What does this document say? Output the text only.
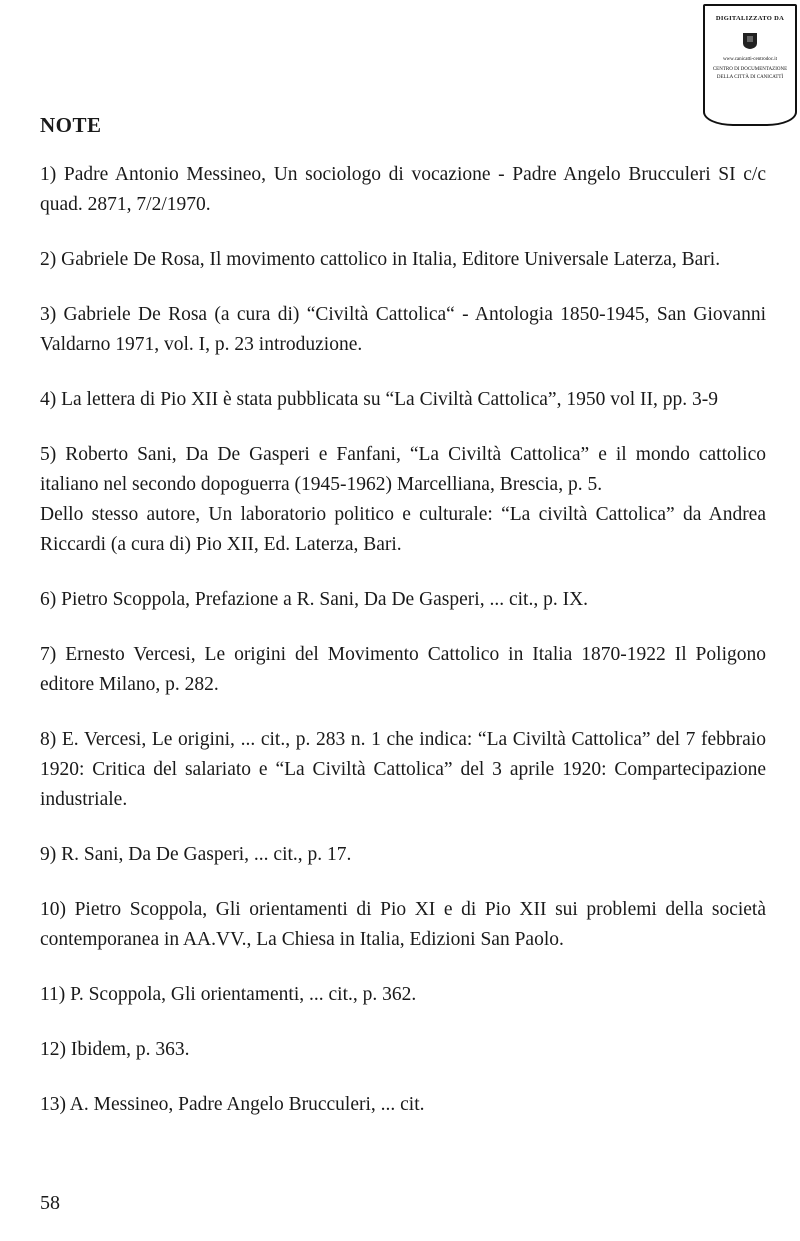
DIGITALIZZATO DA
www.canicatti-centrodoc.it
CENTRO DI DOCUMENTAZIONE
DELLA CITTÀ DI CANICATTÌ
NOTE

1) Padre Antonio Messineo, Un sociologo di vocazione - Padre Angelo Brucculeri SI c/c quad. 2871, 7/2/1970.

2) Gabriele De Rosa, Il movimento cattolico in Italia, Editore Universale Laterza, Bari.

3) Gabriele De Rosa (a cura di) “Civiltà Cattolica“ - Antologia 1850-1945, San Giovanni Valdarno 1971, vol. I, p. 23 introduzione.

4) La lettera di Pio XII è stata pubblicata su “La Civiltà Cattolica”, 1950 vol II, pp. 3-9

5) Roberto Sani, Da De Gasperi e Fanfani, “La Civiltà Cattolica” e il mondo cattolico italiano nel secondo dopoguerra (1945-1962) Marcelliana, Brescia, p. 5.

Dello stesso autore, Un laboratorio politico e culturale: “La civiltà Cattolica” da Andrea Riccardi (a cura di) Pio XII, Ed. Laterza, Bari.

6) Pietro Scoppola, Prefazione a R. Sani, Da De Gasperi, ... cit., p. IX.

7) Ernesto Vercesi, Le origini del Movimento Cattolico in Italia 1870-1922 Il Poligono editore Milano, p. 282.

8) E. Vercesi, Le origini, ... cit., p. 283 n. 1 che indica: “La Civiltà Cattolica” del 7 febbraio 1920: Critica del salariato e “La Civiltà Cattolica” del 3 aprile 1920: Compartecipazione industriale.

9) R. Sani, Da De Gasperi, ... cit., p. 17.

10) Pietro Scoppola, Gli orientamenti di Pio XI e di Pio XII sui problemi della società contemporanea in AA.VV., La Chiesa in Italia, Edizioni San Paolo.

11) P. Scoppola, Gli orientamenti, ... cit., p. 362.

12) Ibidem, p. 363.

13) A. Messineo, Padre Angelo Brucculeri, ... cit.

58
